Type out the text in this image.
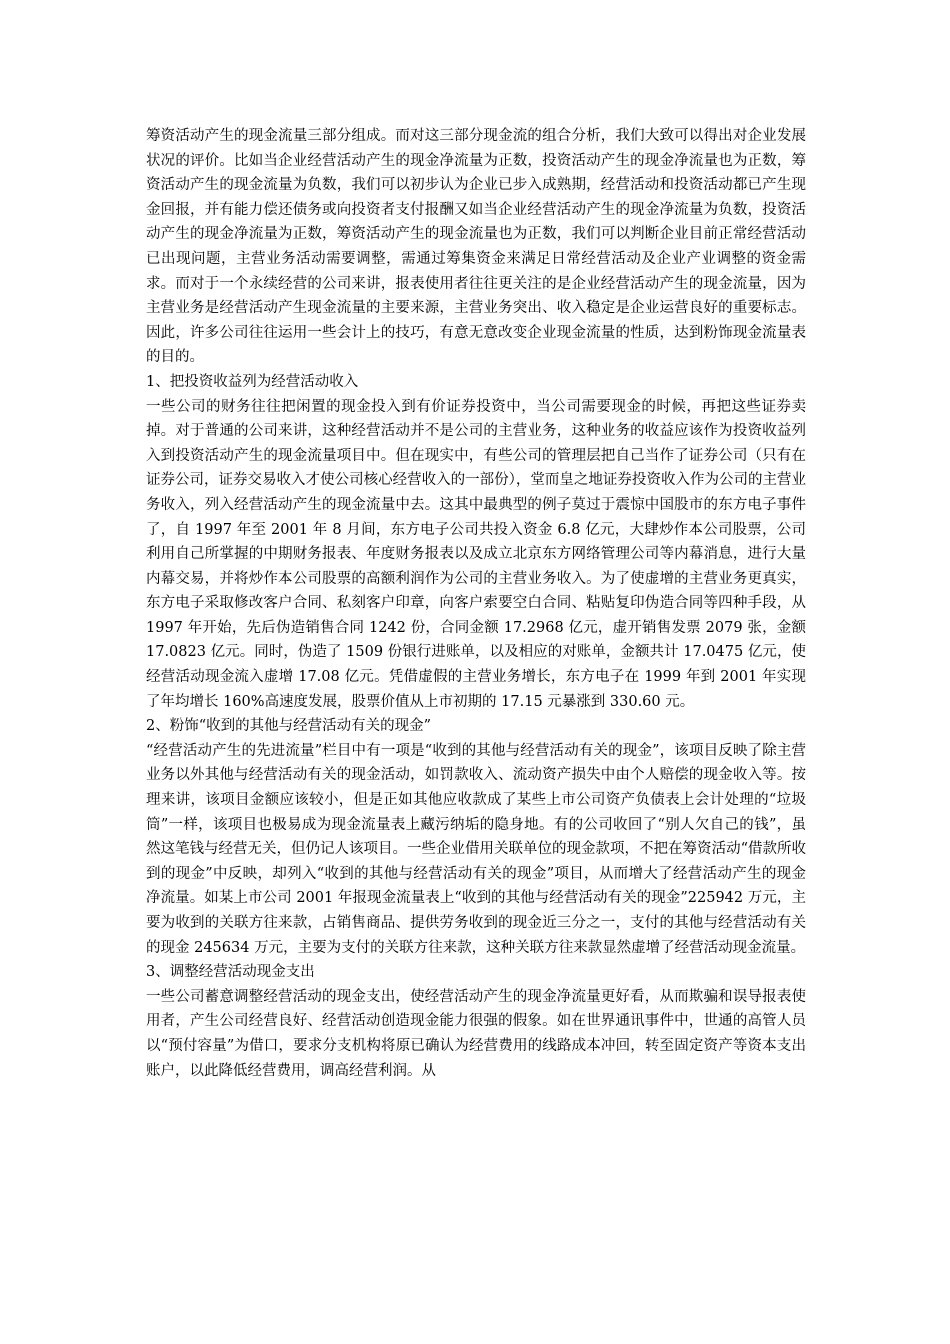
筹资活动产生的现金流量三部分组成。而对这三部分现金流的组合分析，我们大致可以得出对企业发展状况的评价。比如当企业经营活动产生的现金净流量为正数，投资活动产生的现金净流量也为正数，筹资活动产生的现金流量为负数，我们可以初步认为企业已步入成熟期，经营活动和投资活动都已产生现金回报，并有能力偿还债务或向投资者支付报酬又如当企业经营活动产生的现金净流量为负数，投资活动产生的现金净流量为正数，筹资活动产生的现金流量也为正数，我们可以判断企业目前正常经营活动已出现问题，主营业务活动需要调整，需通过筹集资金来满足日常经营活动及企业产业调整的资金需求。而对于一个永续经营的公司来讲，报表使用者往往更关注的是企业经营活动产生的现金流量，因为主营业务是经营活动产生现金流量的主要来源，主营业务突出、收入稳定是企业运营良好的重要标志。因此，许多公司往往运用一些会计上的技巧，有意无意改变企业现金流量的性质，达到粉饰现金流量表的目的。

1、把投资收益列为经营活动收入

一些公司的财务往往把闲置的现金投入到有价证券投资中，当公司需要现金的时候，再把这些证券卖掉。对于普通的公司来讲，这种经营活动并不是公司的主营业务，这种业务的收益应该作为投资收益列入到投资活动产生的现金流量项目中。但在现实中，有些公司的管理层把自己当作了证券公司（只有在证券公司，证券交易收入才使公司核心经营收入的一部份），堂而皇之地证券投资收入作为公司的主营业务收入，列入经营活动产生的现金流量中去。这其中最典型的例子莫过于震惊中国股市的东方电子事件了，自 1997 年至 2001 年 8 月间，东方电子公司共投入资金 6.8 亿元，大肆炒作本公司股票，公司利用自己所掌握的中期财务报表、年度财务报表以及成立北京东方网络管理公司等内幕消息，进行大量内幕交易，并将炒作本公司股票的高额利润作为公司的主营业务收入。为了使虚增的主营业务更真实，东方电子采取修改客户合同、私刻客户印章，向客户索要空白合同、粘贴复印伪造合同等四种手段，从 1997 年开始，先后伪造销售合同 1242 份，合同金额 17.2968 亿元，虚开销售发票 2079 张，金额 17.0823 亿元。同时，伪造了 1509 份银行进账单，以及相应的对账单，金额共计 17.0475 亿元，使经营活动现金流入虚增 17.08 亿元。凭借虚假的主营业务增长，东方电子在 1999 年到 2001 年实现了年均增长 160%高速度发展，股票价值从上市初期的 17.15 元暴涨到 330.60 元。

2、粉饰“收到的其他与经营活动有关的现金”

“经营活动产生的先进流量”栏目中有一项是“收到的其他与经营活动有关的现金”，该项目反映了除主营业务以外其他与经营活动有关的现金活动，如罚款收入、流动资产损失中由个人赔偿的现金收入等。按理来讲，该项目金额应该较小，但是正如其他应收款成了某些上市公司资产负债表上会计处理的“垃圾筒”一样，该项目也极易成为现金流量表上藏污纳垢的隐身地。有的公司收回了“别人欠自己的钱”，虽然这笔钱与经营无关，但仍记人该项目。一些企业借用关联单位的现金款项，不把在筹资活动“借款所收到的现金”中反映，却列入“收到的其他与经营活动有关的现金”项目，从而增大了经营活动产生的现金净流量。如某上市公司 2001 年报现金流量表上“收到的其他与经营活动有关的现金”225942 万元，主要为收到的关联方往来款，占销售商品、提供劳务收到的现金近三分之一，支付的其他与经营活动有关的现金 245634 万元，主要为支付的关联方往来款，这种关联方往来款显然虚增了经营活动现金流量。

3、调整经营活动现金支出

一些公司蓄意调整经营活动的现金支出，使经营活动产生的现金净流量更好看，从而欺骗和误导报表使用者，产生公司经营良好、经营活动创造现金能力很强的假象。如在世界通讯事件中，世通的高管人员以“预付容量”为借口，要求分支机构将原已确认为经营费用的线路成本冲回，转至固定资产等资本支出账户，以此降低经营费用，调高经营利润。从
